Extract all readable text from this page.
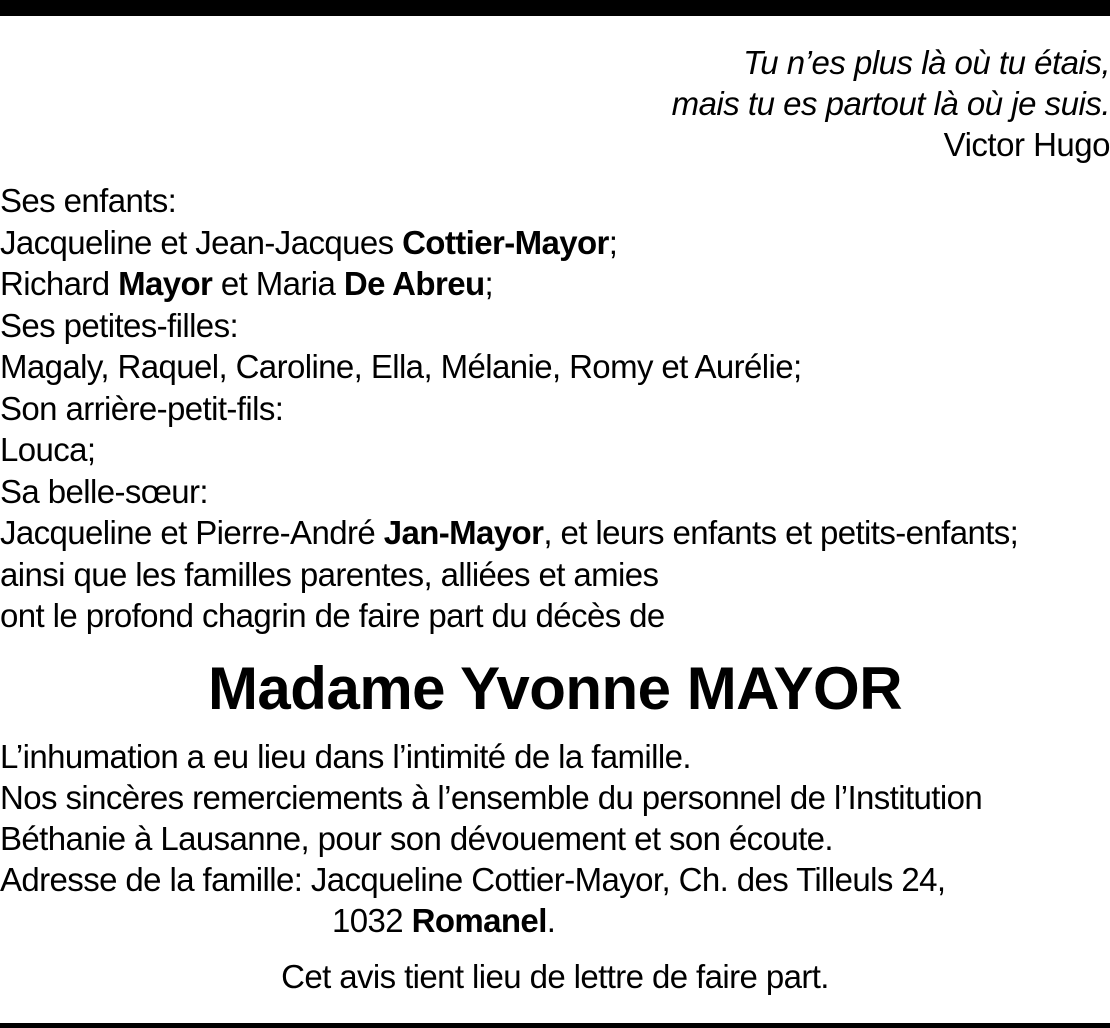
Tu n’es plus là où tu étais,
mais tu es partout là où je suis.
Victor Hugo
Ses enfants:
Jacqueline et Jean-Jacques Cottier-Mayor;
Richard Mayor et Maria De Abreu;
Ses petites-filles:
Magaly, Raquel, Caroline, Ella, Mélanie, Romy et Aurélie;
Son arrière-petit-fils:
Louca;
Sa belle-sœur:
Jacqueline et Pierre-André Jan-Mayor, et leurs enfants et petits-enfants;
ainsi que les familles parentes, alliées et amies
ont le profond chagrin de faire part du décès de
Madame Yvonne MAYOR
L’inhumation a eu lieu dans l’intimité de la famille.
Nos sincères remerciements à l’ensemble du personnel de l’Institution
Béthanie à Lausanne, pour son dévouement et son écoute.
Adresse de la famille: Jacqueline Cottier-Mayor, Ch. des Tilleuls 24,
1032 Romanel.
Cet avis tient lieu de lettre de faire part.
